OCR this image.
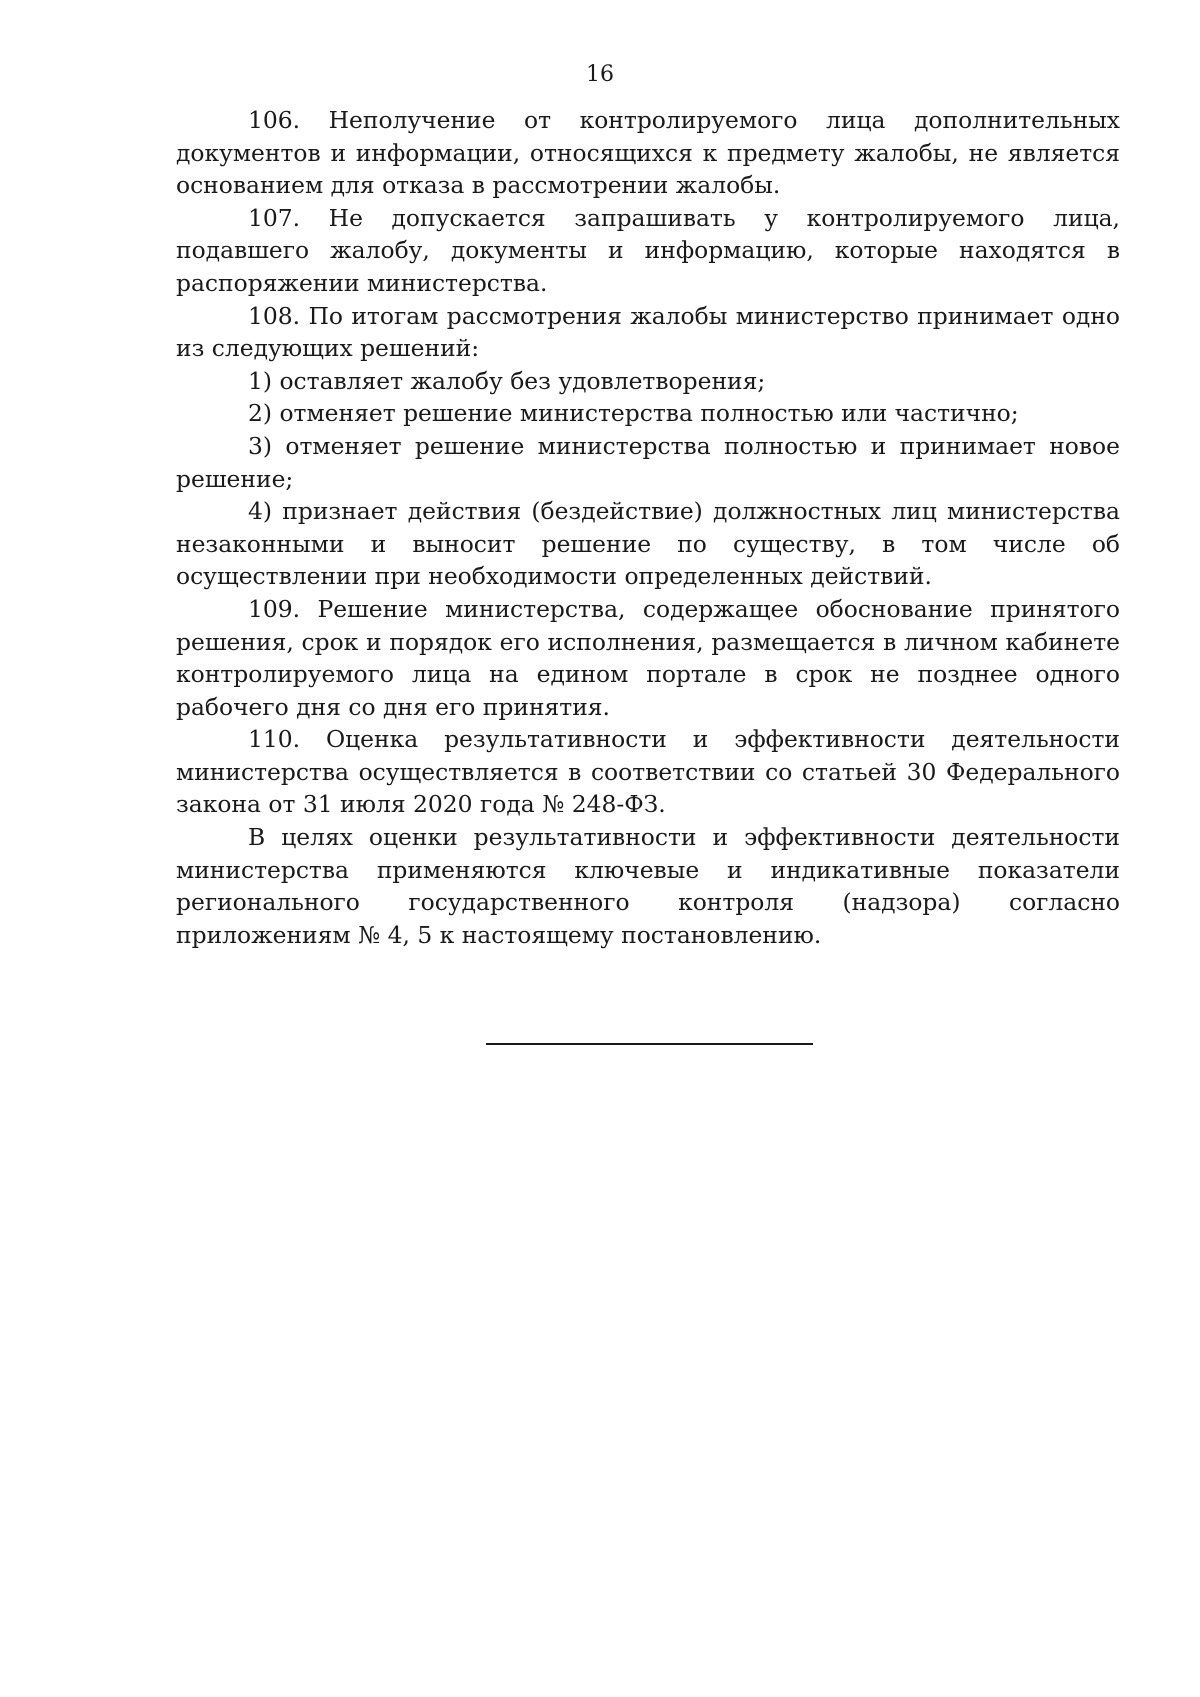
16

106. Неполучение от контролируемого лица дополнительных документов и информации, относящихся к предмету жалобы, не является основанием для отказа в рассмотрении жалобы.

107. Не допускается запрашивать у контролируемого лица, подавшего жалобу, документы и информацию, которые находятся в распоряжении министерства.

108. По итогам рассмотрения жалобы министерство принимает одно из следующих решений:

1) оставляет жалобу без удовлетворения;

2) отменяет решение министерства полностью или частично;

3) отменяет решение министерства полностью и принимает новое решение;

4) признает действия (бездействие) должностных лиц министерства незаконными и выносит решение по существу, в том числе об осуществлении при необходимости определенных действий.

109. Решение министерства, содержащее обоснование принятого решения, срок и порядок его исполнения, размещается в личном кабинете контролируемого лица на едином портале в срок не позднее одного рабочего дня со дня его принятия.

110. Оценка результативности и эффективности деятельности министерства осуществляется в соответствии со статьей 30 Федерального закона от 31 июля 2020 года № 248-ФЗ.

В целях оценки результативности и эффективности деятельности министерства применяются ключевые и индикативные показатели регионального государственного контроля (надзора) согласно приложениям № 4, 5 к настоящему постановлению.
